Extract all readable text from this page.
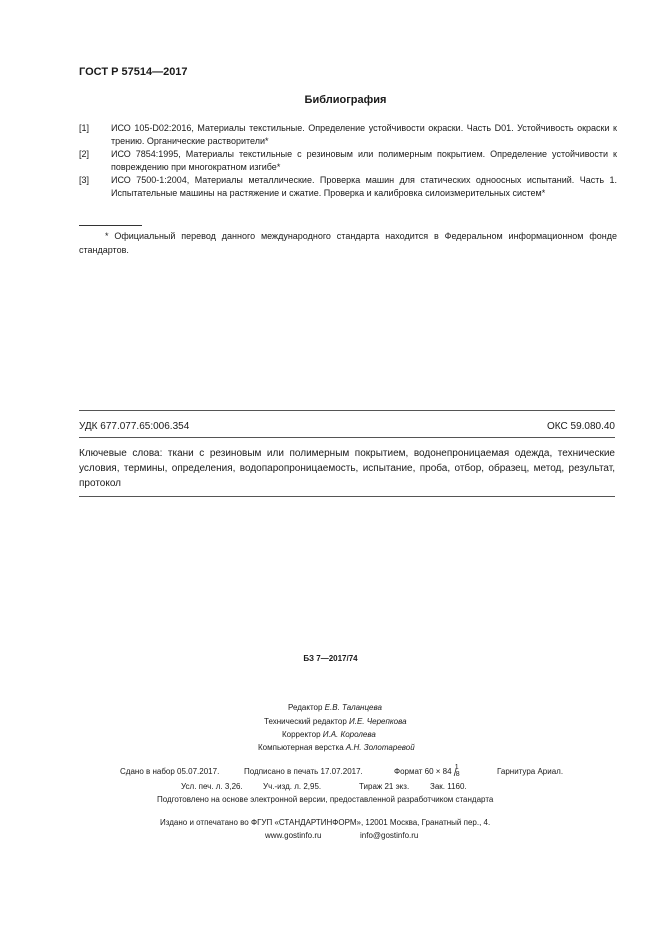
ГОСТ Р 57514—2017
Библиография
[1] ИСО 105-D02:2016, Материалы текстильные. Определение устойчивости окраски. Часть D01. Устойчивость окраски к трению. Органические растворители*
[2] ИСО 7854:1995, Материалы текстильные с резиновым или полимерным покрытием. Определение устойчивости к повреждению при многократном изгибе*
[3] ИСО 7500-1:2004, Материалы металлические. Проверка машин для статических одноосных испытаний. Часть 1. Испытательные машины на растяжение и сжатие. Проверка и калибровка силоизмерительных систем*
* Официальный перевод данного международного стандарта находится в Федеральном информационном фонде стандартов.
УДК 677.077.65:006.354	ОКС 59.080.40
Ключевые слова: ткани с резиновым или полимерным покрытием, водонепроницаемая одежда, технические условия, термины, определения, водопаропроницаемость, испытание, проба, отбор, образец, метод, результат, протокол
БЗ 7—2017/74
Редактор Е.В. Таланцева
Технический редактор И.Е. Черепкова
Корректор И.А. Королева
Компьютерная верстка А.Н. Золотаревой
Сдано в набор 05.07.2017.	Подписано в печать 17.07.2017.	Формат 60 × 84 1
8
/	Гарнитура Ариал.
Усл. печ. л. 3,26.	Уч.-изд. л. 2,95.	Тираж 21 экз.	Зак. 1160.
Подготовлено на основе электронной версии, предоставленной разработчиком стандарта
Издано и отпечатано во ФГУП «СТАНДАРТИНФОРМ», 12001 Москва, Гранатный пер., 4.
www.gostinfo.ru	info@gostinfo.ru
